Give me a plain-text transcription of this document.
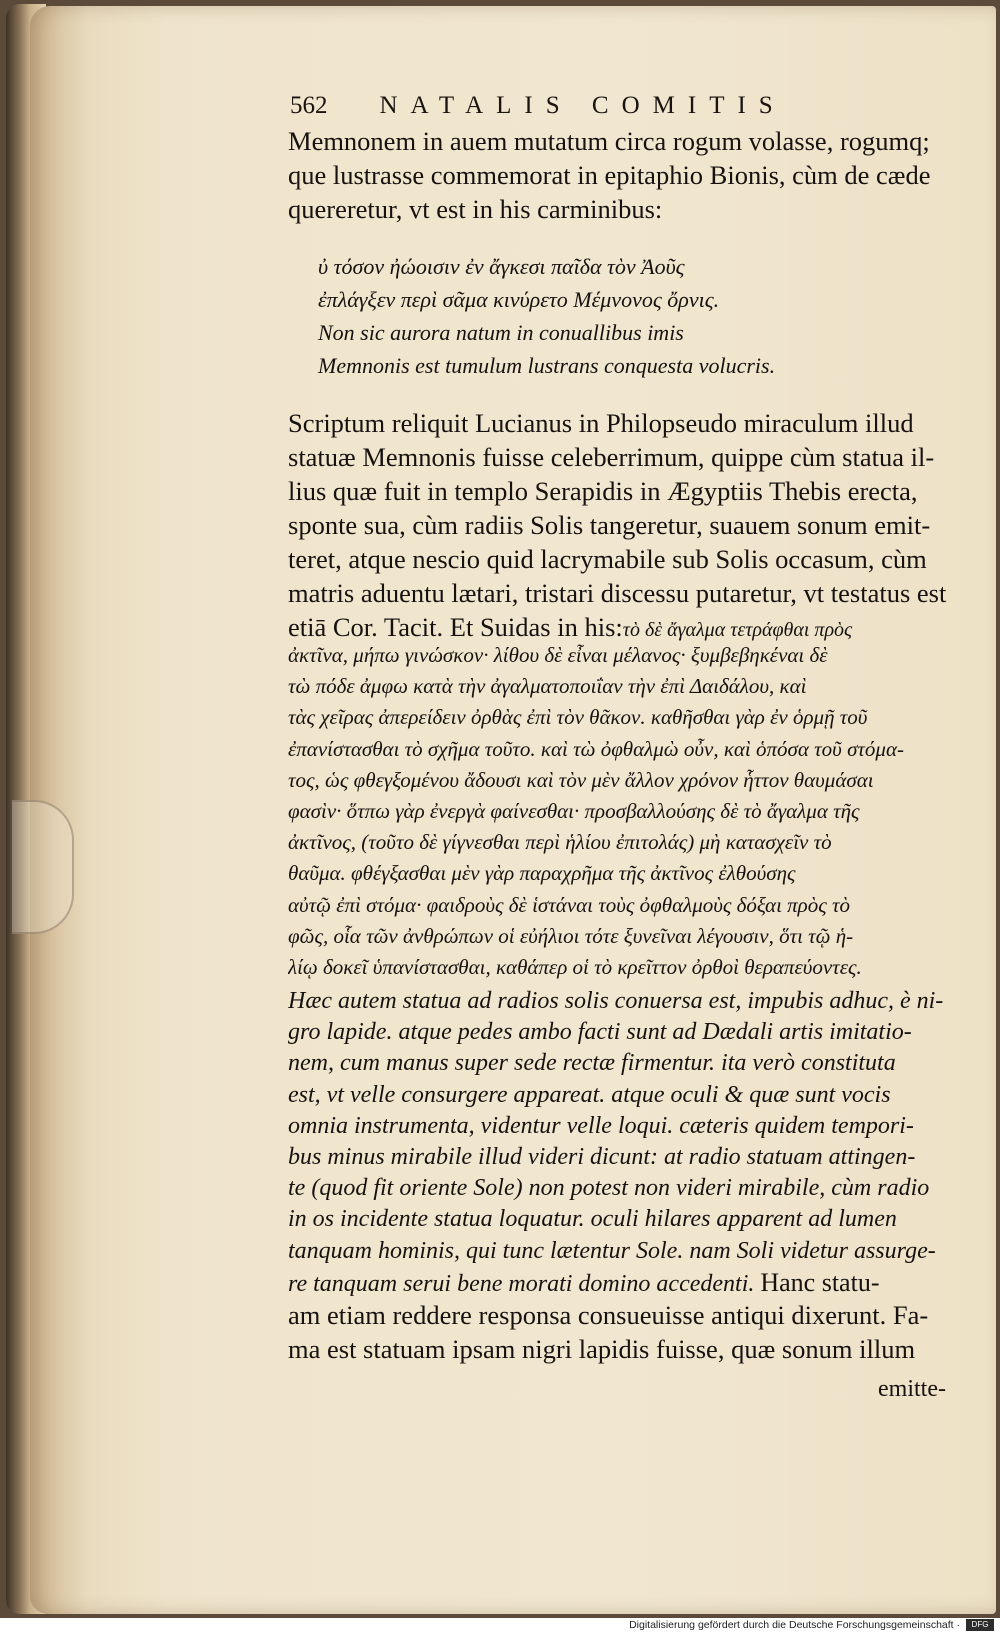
562 NATALIS COMITIS
Memnonem in auem mutatum circa rogum volasse, rogumq;
que lustrasse commemorat in epitaphio Bionis, cùm de cæde
quereretur, vt est in his carminibus:
ὐ τόσον ἠώοισιν ἐν ἄγκεσι παῖδα τὸν Ἀοῦς
ἐπλάγξεν περὶ σᾶμα κινύρετο Μέμνονος ὄρνις.
Non sic aurora natum in conuallibus imis
Memnonis est tumulum lustrans conquesta volucris.
Scriptum reliquit Lucianus in Philopseudo miraculum illud
statuæ Memnonis fuisse celeberrimum, quippe cùm statua il-
lius quæ fuit in templo Serapidis in Ægyptiis Thebis erecta,
sponte sua, cùm radiis Solis tangeretur, suauem sonum emit-
teret, atque nescio quid lacrymabile sub Solis occasum, cùm
matris aduentu lætari, tristari discessu putaretur, vt testatus est
etiā Cor. Tacit. Et Suidas in his:τὸ δὲ ἄγαλμα τετράφθαι πρὸς
ἀκτῖνα, μήπω γινώσκον· λίθου δὲ εἶναι μέλανος· ξυμβεβηκέναι δὲ
τὼ πόδε ἀμφω κατὰ τὴν ἀγαλματοποιΐαν τὴν ἐπὶ Δαιδάλου, καὶ
τὰς χεῖρας ἀπερείδειν ὀρθὰς ἐπὶ τὸν θᾶκον. καθῆσθαι γὰρ ἐν ὁρμῇ τοῦ
ἐπανίστασθαι τὸ σχῆμα τοῦτο. καὶ τὼ ὀφθαλμὼ οὖν, καὶ ὁπόσα τοῦ στόμα-
τος, ὡς φθεγξομένου ἄδουσι καὶ τὸν μὲν ἄλλον χρόνον ἧττον θαυμάσαι
φασὶν· ὅτπω γὰρ ἐνεργὰ φαίνεσθαι· προσβαλλούσης δὲ τὸ ἄγαλμα τῆς
ἀκτῖνος, (τοῦτο δὲ γίγνεσθαι περὶ ἡλίου ἐπιτολάς) μὴ κατασχεῖν τὸ
θαῦμα. φθέγξασθαι μὲν γὰρ παραχρῆμα τῆς ἀκτῖνος ἐλθούσης
αὐτῷ ἐπὶ στόμα· φαιδροὺς δὲ ἱστάναι τοὺς ὀφθαλμοὺς δόξαι πρὸς τὸ
φῶς, οἷα τῶν ἀνθρώπων οἱ εὐήλιοι τότε ξυνεῖναι λέγουσιν, ὅτι τῷ ἡ-
λίῳ δοκεῖ ὑπανίστασθαι, καθάπερ οἱ τὸ κρεῖττον ὀρθοὶ θεραπεύοντες.
Hæc autem statua ad radios solis conuersa est, impubis adhuc, è ni-
gro lapide. atque pedes ambo facti sunt ad Dædali artis imitatio-
nem, cum manus super sede rectæ firmentur. ita verò constituta
est, vt velle consurgere appareat. atque oculi & quæ sunt vocis
omnia instrumenta, videntur velle loqui. cæteris quidem tempori-
bus minus mirabile illud videri dicunt: at radio statuam attingen-
te (quod fit oriente Sole) non potest non videri mirabile, cùm radio
in os incidente statua loquatur. oculi hilares apparent ad lumen
tanquam hominis, qui tunc lætentur Sole. nam Soli videtur assurge-
re tanquam serui bene morati domino accedenti. Hanc statu-
am etiam reddere responsa consueuisse antiqui dixerunt. Fa-
ma est statuam ipsam nigri lapidis fuisse, quæ sonum illum
emitte-
Digitalisierung gefördert durch die Deutsche Forschungsgemeinschaft ·	DFG
